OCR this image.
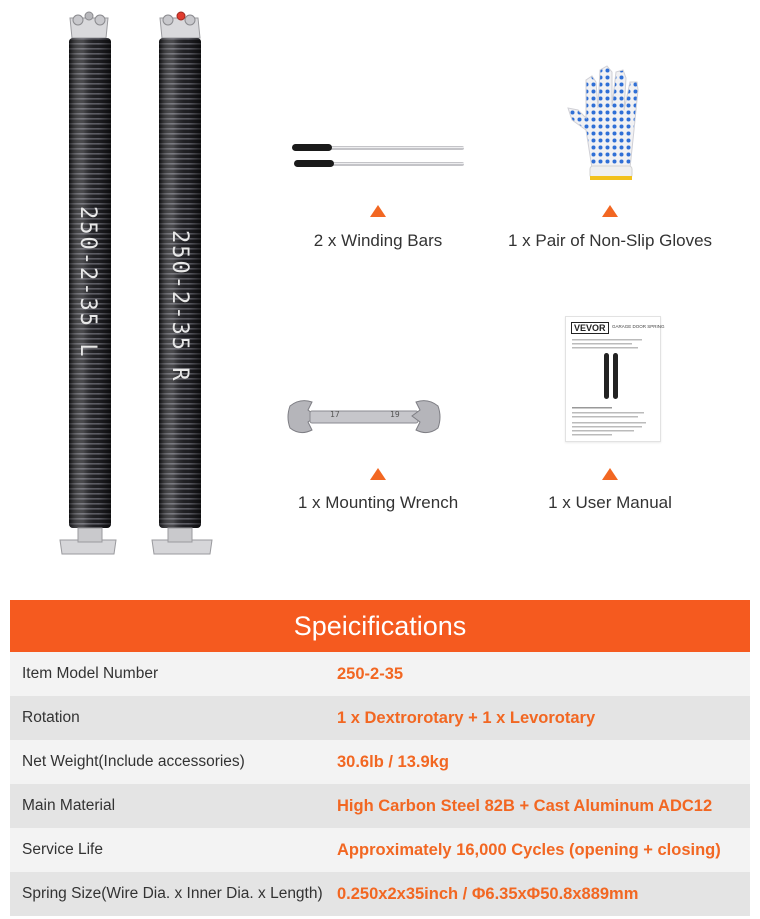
250-2-35 L	250-2-35 R	2 x Winding Bars	1 x Pair of Non-Slip Gloves
17	19
1 x Mounting Wrench
VEVOR	GARAGE DOOR SPRING
1 x User Manual
Speicifications
Item Model Number	250-2-35
Rotation	1 x Dextrorotary + 1 x Levorotary
Net Weight(Include accessories)	30.6lb / 13.9kg
Main Material	High Carbon Steel 82B + Cast Aluminum ADC12
Service Life	Approximately 16,000 Cycles (opening + closing)
Spring Size(Wire Dia. x Inner Dia. x Length) 0.250x2x35inch / Φ6.35xΦ50.8x889mm
